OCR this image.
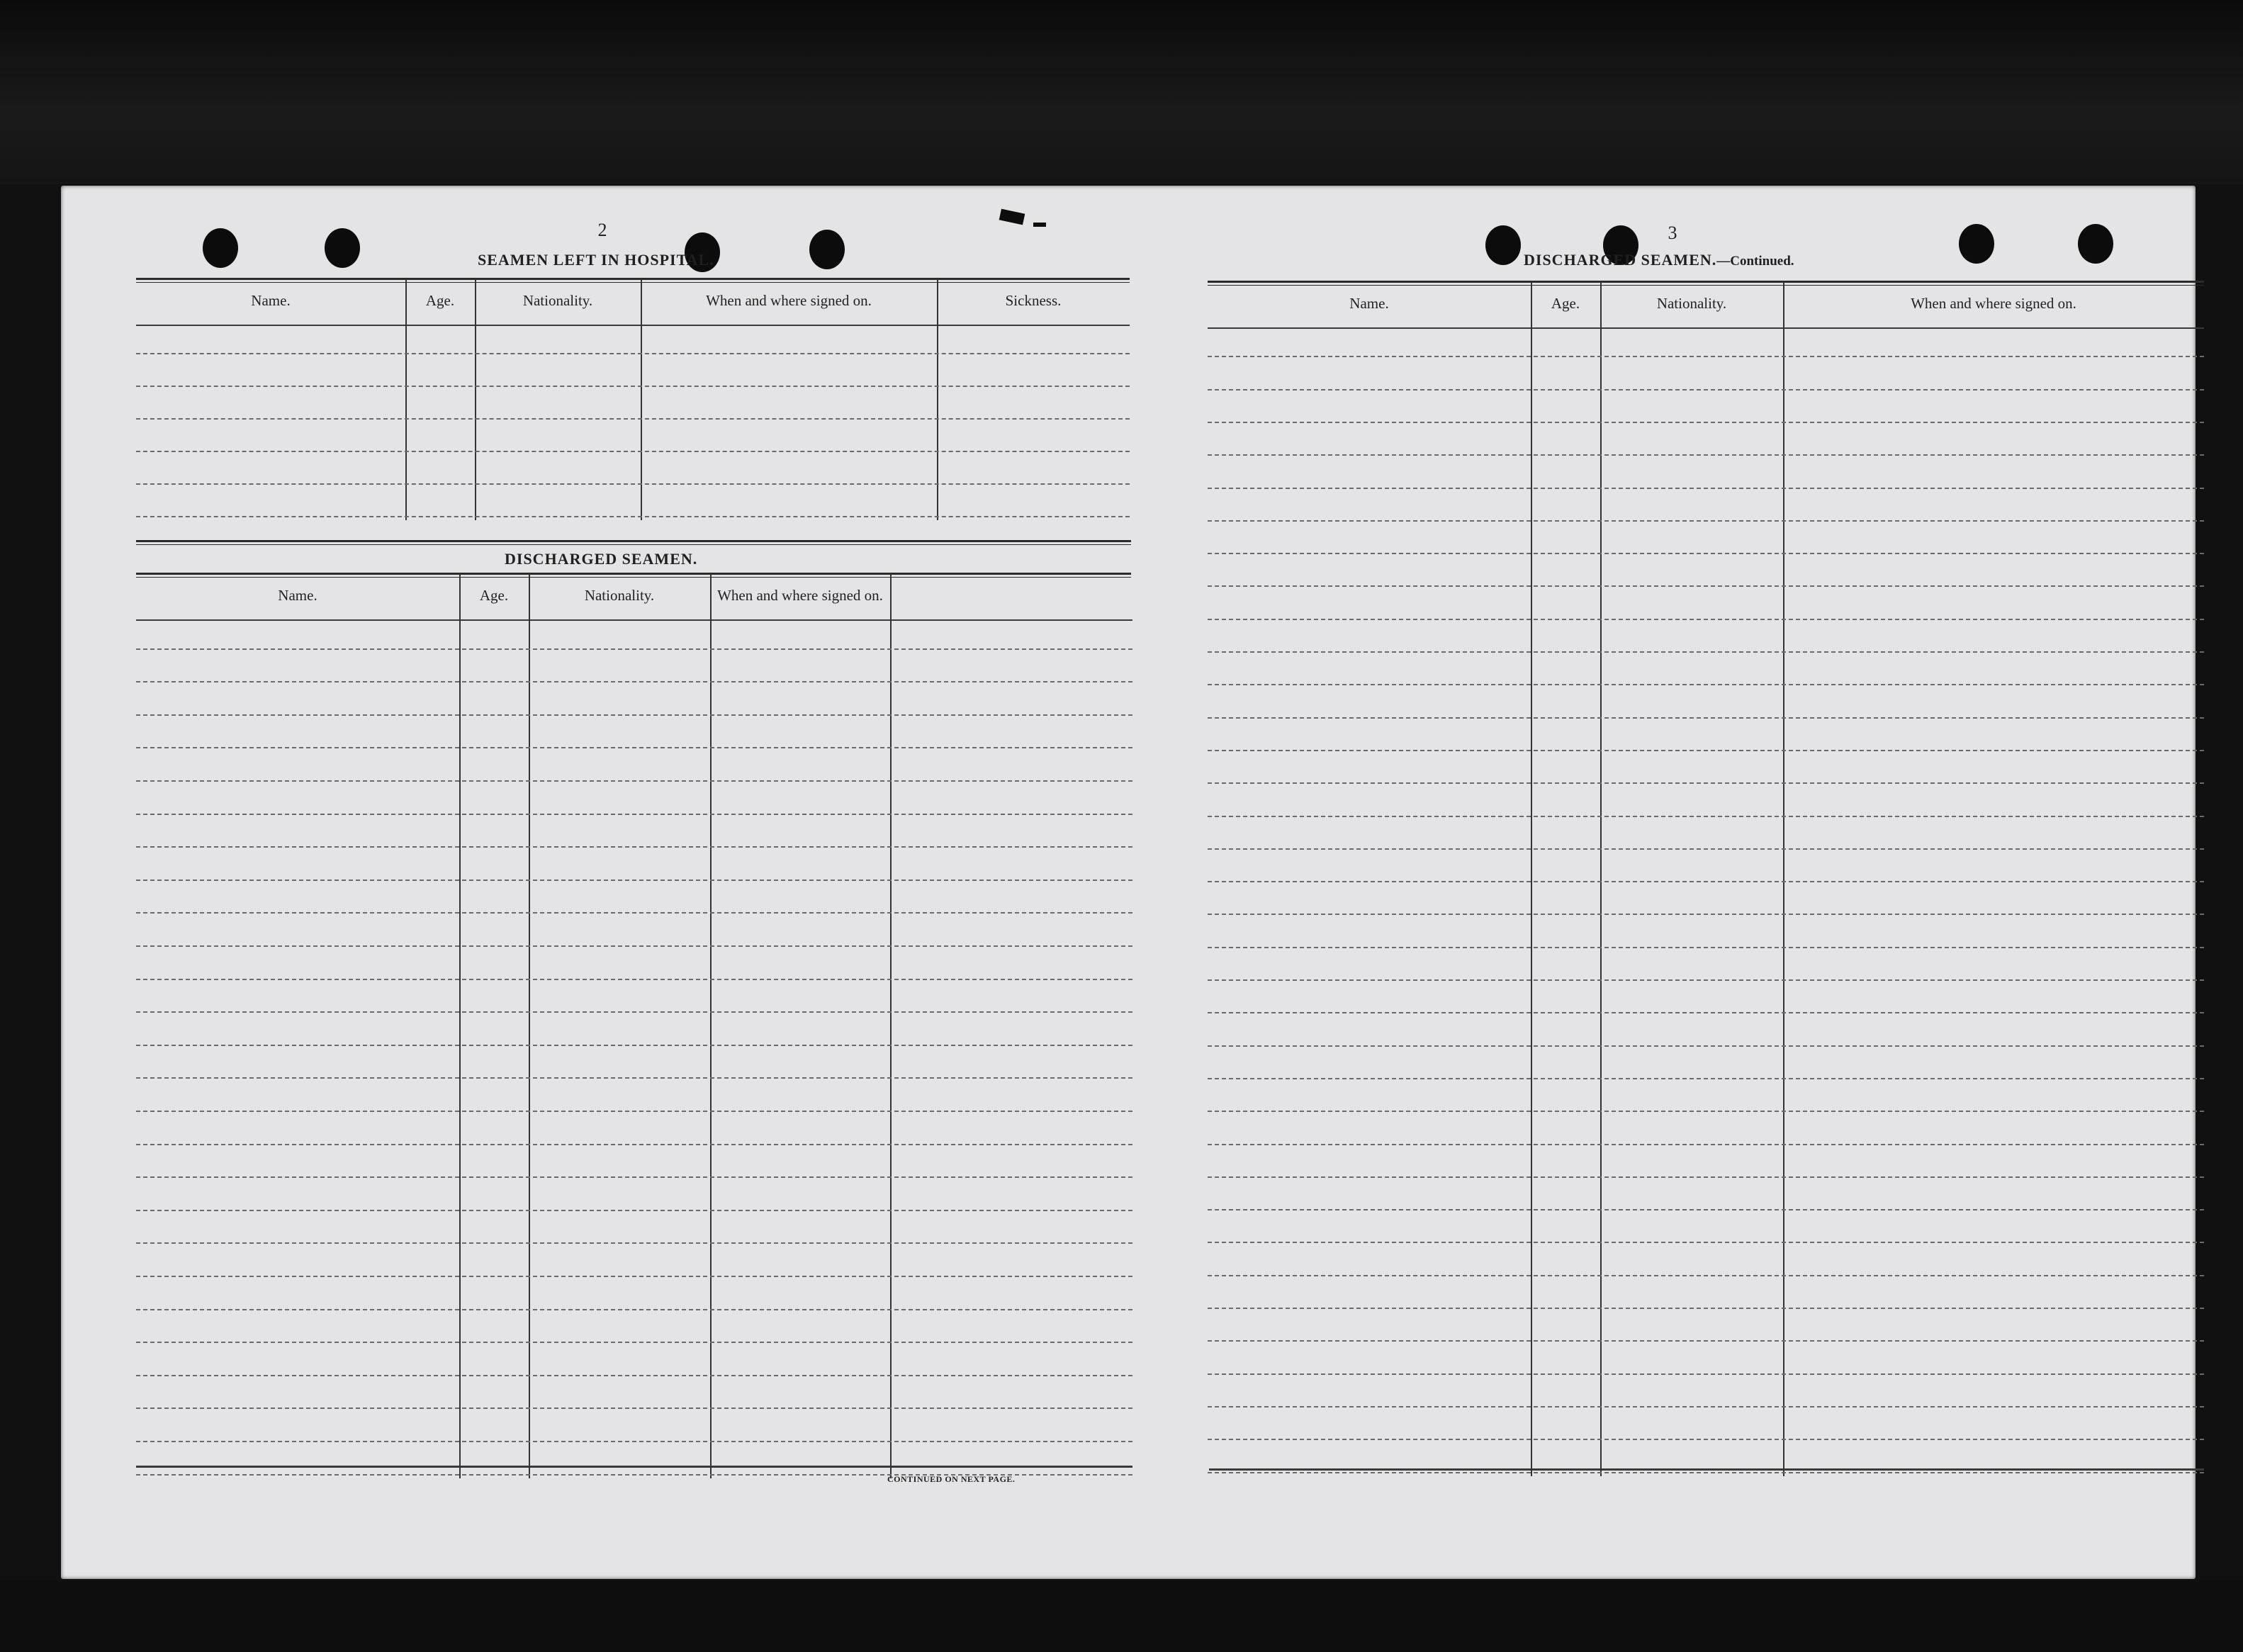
2
SEAMEN LEFT IN HOSPITAL.
DISCHARGED SEAMEN.
CONTINUED ON NEXT PAGE.
3
DISCHARGED SEAMEN.—Continued.
Name.	Age.	Nationality.	When and where signed on.	Sickness.
Name.	Age.	Nationality.	When and where signed on.
Name.	Age.	Nationality.	When and where signed on.
